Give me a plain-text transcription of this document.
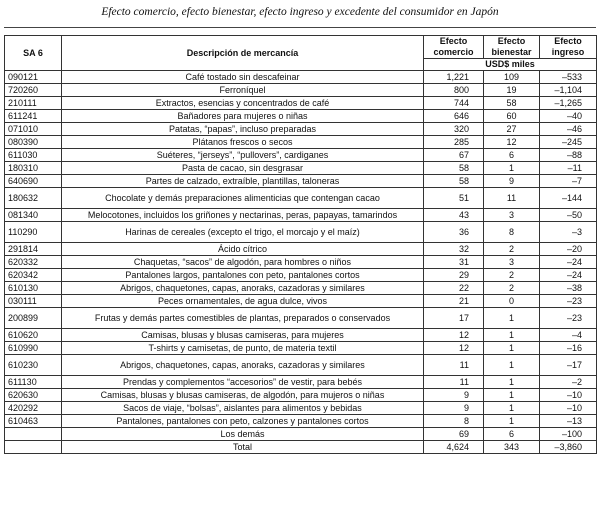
Efecto comercio, efecto bienestar, efecto ingreso y excedente del consumidor en Japón
SA 6	Descripción de mercancía	Efecto comercio	Efecto bienestar	Efecto ingreso
		USD$ miles		
090121	Café tostado sin descafeinar	1,221	109	–533
720260	Ferroníquel	800	19	–1,104
210111	Extractos, esencias y concentrados de café	744	58	–1,265
611241	Bañadores para mujeres o niñas	646	60	–40
071010	Patatas, “papas”, incluso preparadas	320	27	–46
080390	Plátanos frescos o secos	285	12	–245
611030	Suéteres, “jerseys”, “pullovers”, cardiganes	67	6	–88
180310	Pasta de cacao, sin desgrasar	58	1	–11
640690	Partes de calzado, extraíble, plantillas, taloneras	58	9	–7
180632	Chocolate y demás preparaciones alimenticias que contengan cacao	51	11	–144
081340	Melocotones, incluidos los griñones y nectarinas, peras, papayas, tamarindos	43	3	–50
110290	Harinas de cereales (excepto el trigo, el morcajo y el maíz)	36	8	–3
291814	Ácido cítrico	32	2	–20
620332	Chaquetas, “sacos” de algodón, para hombres o niños	31	3	–24
620342	Pantalones largos, pantalones con peto, pantalones cortos	29	2	–24
610130	Abrigos, chaquetones, capas, anoraks, cazadoras y similares	22	2	–38
030111	Peces ornamentales, de agua dulce, vivos	21	0	–23
200899	Frutas y demás partes comestibles de plantas, preparados o conservados	17	1	–23
610620	Camisas, blusas y blusas camiseras, para mujeres	12	1	–4
610990	T-shirts y camisetas, de punto, de materia textil	12	1	–16
610230	Abrigos, chaquetones, capas, anoraks, cazadoras y similares	11	1	–17
611130	Prendas y complementos “accesorios” de vestir, para bebés	11	1	–2
620630	Camisas, blusas y blusas camiseras, de algodón, para mujeros o niñas	9	1	–10
420292	Sacos de viaje, “bolsas”, aislantes para alimentos y bebidas	9	1	–10
610463	Pantalones, pantalones con peto, calzones y pantalones cortos	8	1	–13
	Los demás	69	6	–100
	Total	4,624	343	–3,860
